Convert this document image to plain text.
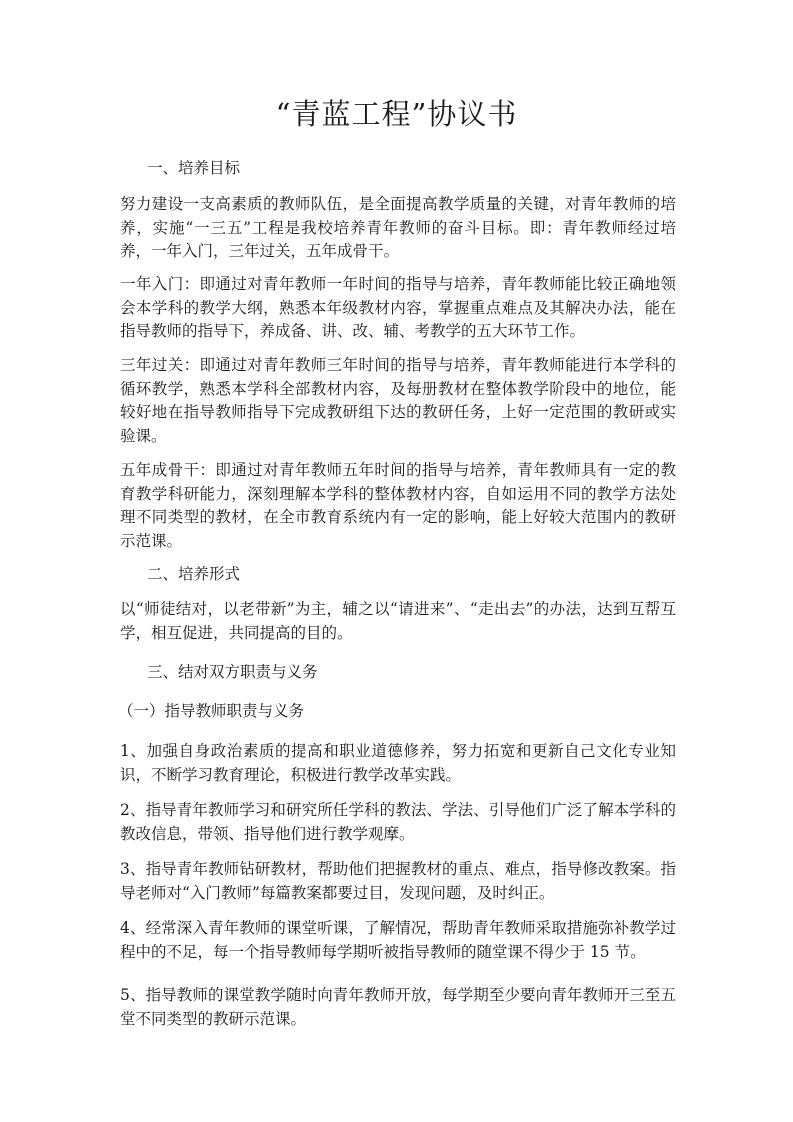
“青蓝工程”协议书
一、培养目标
努力建设一支高素质的教师队伍，是全面提高教学质量的关键，对青年教师的培养，实施“一三五”工程是我校培养青年教师的奋斗目标。即：青年教师经过培养，一年入门，三年过关，五年成骨干。
一年入门：即通过对青年教师一年时间的指导与培养，青年教师能比较正确地领会本学科的教学大纲，熟悉本年级教材内容，掌握重点难点及其解决办法，能在指导教师的指导下，养成备、讲、改、辅、考教学的五大环节工作。
三年过关：即通过对青年教师三年时间的指导与培养，青年教师能进行本学科的循环教学，熟悉本学科全部教材内容，及每册教材在整体教学阶段中的地位，能较好地在指导教师指导下完成教研组下达的教研任务，上好一定范围的教研或实验课。
五年成骨干：即通过对青年教师五年时间的指导与培养，青年教师具有一定的教育教学科研能力，深刻理解本学科的整体教材内容，自如运用不同的教学方法处理不同类型的教材，在全市教育系统内有一定的影响，能上好较大范围内的教研示范课。
二、培养形式
以“师徒结对，以老带新”为主，辅之以“请进来”、“走出去”的办法，达到互帮互学，相互促进，共同提高的目的。
三、结对双方职责与义务
（一）指导教师职责与义务
1、加强自身政治素质的提高和职业道德修养，努力拓宽和更新自己文化专业知识，不断学习教育理论，积极进行教学改革实践。
2、指导青年教师学习和研究所任学科的教法、学法、引导他们广泛了解本学科的教改信息，带领、指导他们进行教学观摩。
3、指导青年教师钻研教材，帮助他们把握教材的重点、难点，指导修改教案。指导老师对“入门教师”每篇教案都要过目，发现问题，及时纠正。
4、经常深入青年教师的课堂听课，了解情况，帮助青年教师采取措施弥补教学过程中的不足，每一个指导教师每学期听被指导教师的随堂课不得少于 15 节。
5、指导教师的课堂教学随时向青年教师开放，每学期至少要向青年教师开三至五堂不同类型的教研示范课。
